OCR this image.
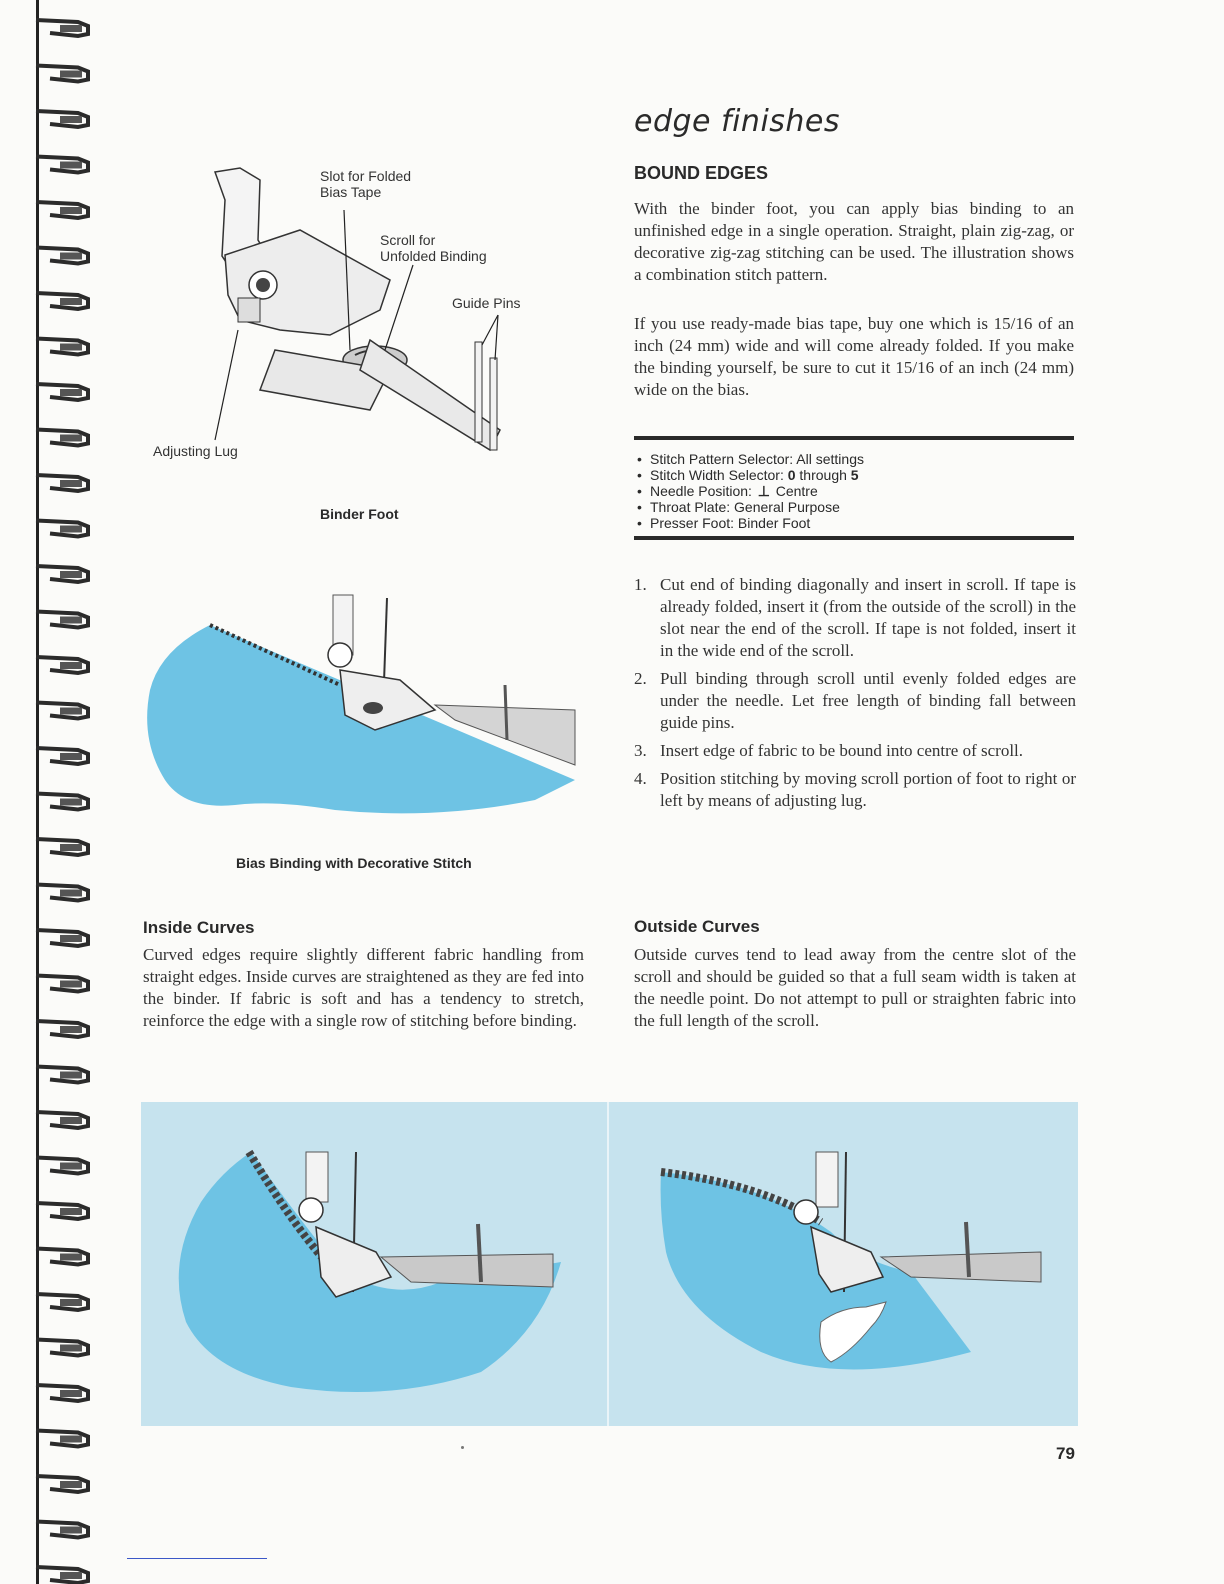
edge finishes
BOUND EDGES
With the binder foot, you can apply bias binding to an unfinished edge in a single operation. Straight, plain zig-zag, or decorative zig-zag stitching can be used. The illustration shows a combination stitch pattern.
If you use ready-made bias tape, buy one which is 15/16 of an inch (24 mm) wide and will come already folded. If you make the binding yourself, be sure to cut it 15/16 of an inch (24 mm) wide on the bias.
• Stitch Pattern Selector: All settings
• Stitch Width Selector: 0 through 5
• Needle Position: ⊥ Centre
• Throat Plate: General Purpose
• Presser Foot: Binder Foot
1. Cut end of binding diagonally and insert in scroll. If tape is already folded, insert it (from the outside of the scroll) in the slot near the end of the scroll. If tape is not folded, insert it in the wide end of the scroll.
2. Pull binding through scroll until evenly folded edges are under the needle. Let free length of binding fall between guide pins.
3. Insert edge of fabric to be bound into centre of scroll.
4. Position stitching by moving scroll portion of foot to right or left by means of adjusting lug.
Slot for Folded
Bias Tape
Scroll for
Unfolded Binding
Guide Pins
Adjusting Lug
Binder Foot
Bias Binding with Decorative Stitch
Inside Curves
Curved edges require slightly different fabric handling from straight edges. Inside curves are straightened as they are fed into the binder. If fabric is soft and has a tendency to stretch, reinforce the edge with a single row of stitching before binding.
Outside Curves
Outside curves tend to lead away from the centre slot of the scroll and should be guided so that a full seam width is taken at the needle point. Do not attempt to pull or straighten fabric into the full length of the scroll.
79
